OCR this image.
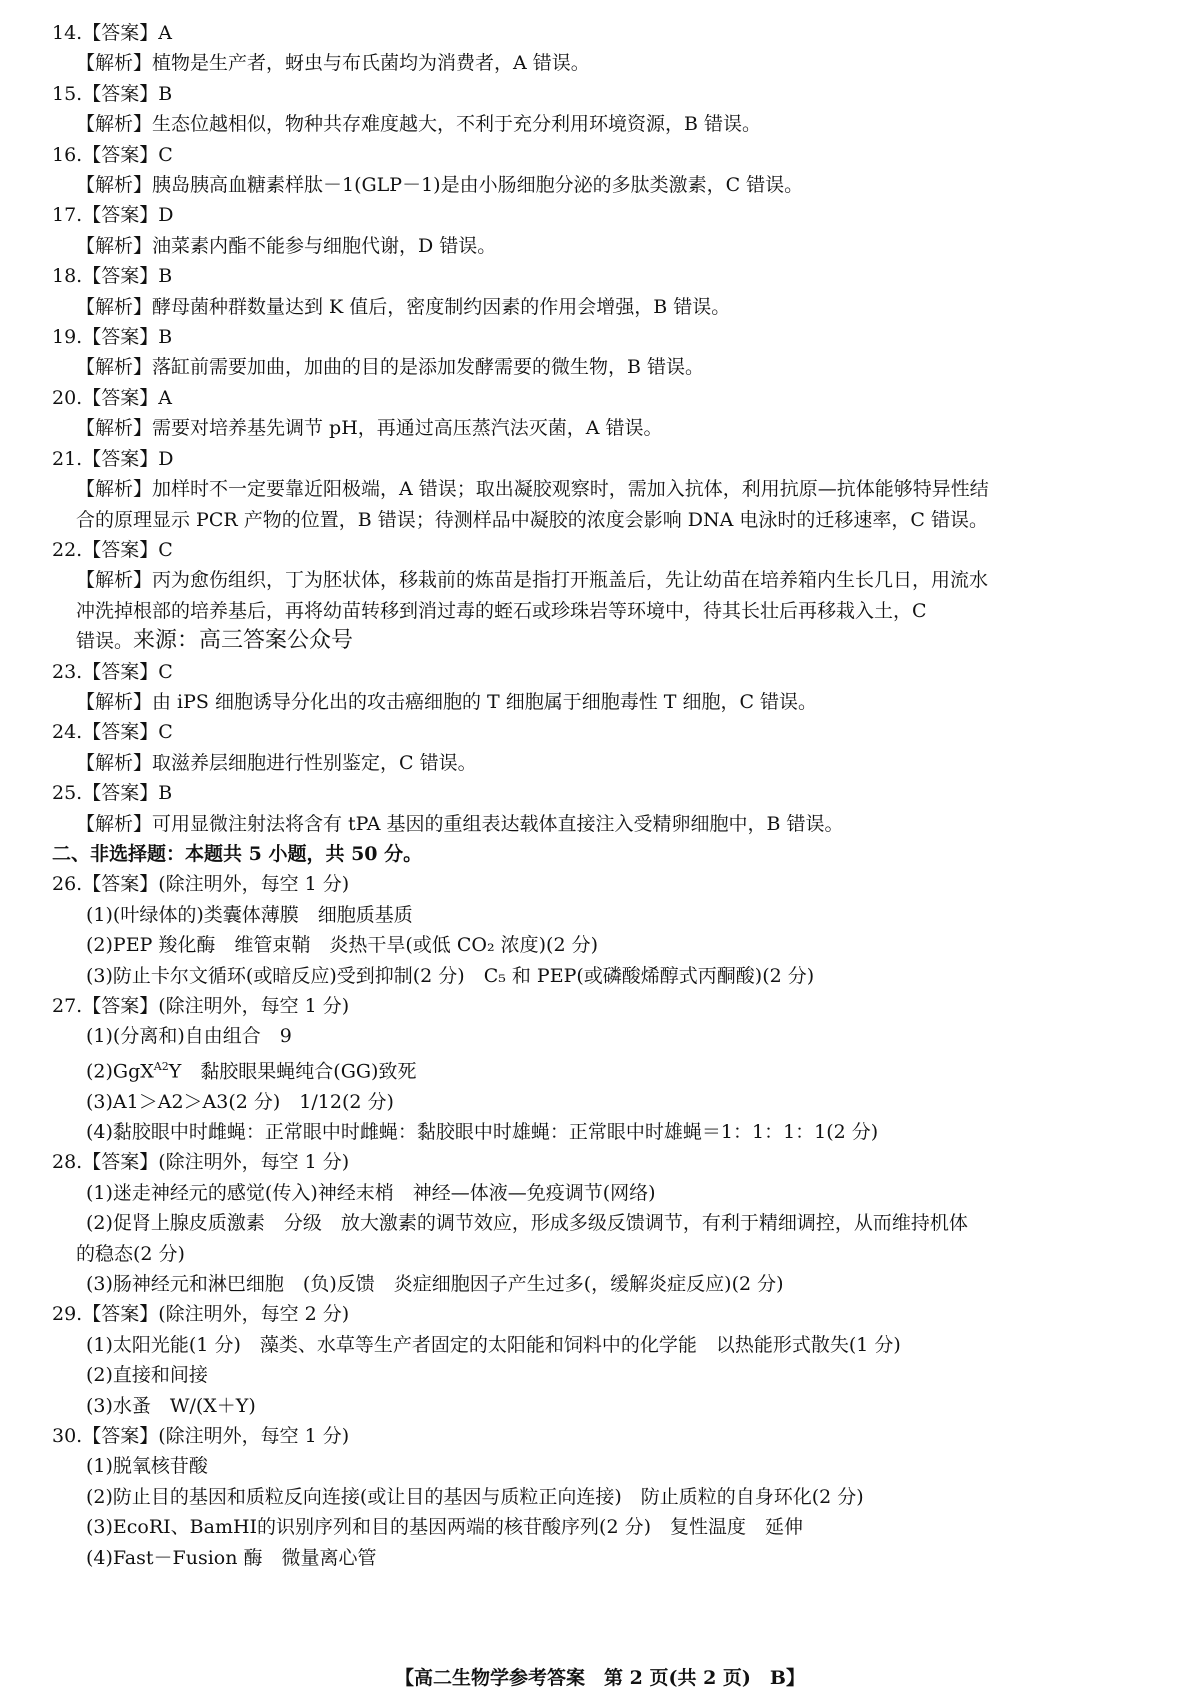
14.【答案】A
【解析】植物是生产者，蚜虫与布氏菌均为消费者，A 错误。
15.【答案】B
【解析】生态位越相似，物种共存难度越大，不利于充分利用环境资源，B 错误。
16.【答案】C
【解析】胰岛胰高血糖素样肽－1(GLP－1)是由小肠细胞分泌的多肽类激素，C 错误。
17.【答案】D
【解析】油菜素内酯不能参与细胞代谢，D 错误。
18.【答案】B
【解析】酵母菌种群数量达到 K 值后，密度制约因素的作用会增强，B 错误。
19.【答案】B
【解析】落缸前需要加曲，加曲的目的是添加发酵需要的微生物，B 错误。
20.【答案】A
【解析】需要对培养基先调节 pH，再通过高压蒸汽法灭菌，A 错误。
21.【答案】D
【解析】加样时不一定要靠近阳极端，A 错误；取出凝胶观察时，需加入抗体，利用抗原—抗体能够特异性结
合的原理显示 PCR 产物的位置，B 错误；待测样品中凝胶的浓度会影响 DNA 电泳时的迁移速率，C 错误。
22.【答案】C
【解析】丙为愈伤组织，丁为胚状体，移栽前的炼苗是指打开瓶盖后，先让幼苗在培养箱内生长几日，用流水
冲洗掉根部的培养基后，再将幼苗转移到消过毒的蛭石或珍珠岩等环境中，待其长壮后再移栽入土，C
错误。来源：高三答案公众号
23.【答案】C
【解析】由 iPS 细胞诱导分化出的攻击癌细胞的 T 细胞属于细胞毒性 T 细胞，C 错误。
24.【答案】C
【解析】取滋养层细胞进行性别鉴定，C 错误。
25.【答案】B
【解析】可用显微注射法将含有 tPA 基因的重组表达载体直接注入受精卵细胞中，B 错误。
二、非选择题：本题共 5 小题，共 50 分。
26.【答案】(除注明外，每空 1 分)
(1)(叶绿体的)类囊体薄膜　细胞质基质
(2)PEP 羧化酶　维管束鞘　炎热干旱(或低 CO₂ 浓度)(2 分)
(3)防止卡尔文循环(或暗反应)受到抑制(2 分)　C₅ 和 PEP(或磷酸烯醇式丙酮酸)(2 分)
27.【答案】(除注明外，每空 1 分)
(1)(分离和)自由组合　9
(2)GgX$^{A2}$Y　黏胶眼果蝇纯合(GG)致死
(3)A1＞A2＞A3(2 分)　1/12(2 分)
(4)黏胶眼中时雌蝇：正常眼中时雌蝇：黏胶眼中时雄蝇：正常眼中时雄蝇＝1：1：1：1(2 分)
28.【答案】(除注明外，每空 1 分)
(1)迷走神经元的感觉(传入)神经末梢　神经—体液—免疫调节(网络)
(2)促肾上腺皮质激素　分级　放大激素的调节效应，形成多级反馈调节，有利于精细调控，从而维持机体
的稳态(2 分)
(3)肠神经元和淋巴细胞　(负)反馈　炎症细胞因子产生过多(，缓解炎症反应)(2 分)
29.【答案】(除注明外，每空 2 分)
(1)太阳光能(1 分)　藻类、水草等生产者固定的太阳能和饲料中的化学能　以热能形式散失(1 分)
(2)直接和间接
(3)水蚤　W/(X＋Y)
30.【答案】(除注明外，每空 1 分)
(1)脱氧核苷酸
(2)防止目的基因和质粒反向连接(或让目的基因与质粒正向连接)　防止质粒的自身环化(2 分)
(3)EcoRⅠ、BamHⅠ的识别序列和目的基因两端的核苷酸序列(2 分)　复性温度　延伸
(4)Fast－Fusion 酶　微量离心管
【高二生物学参考答案　第 2 页(共 2 页)　B】
